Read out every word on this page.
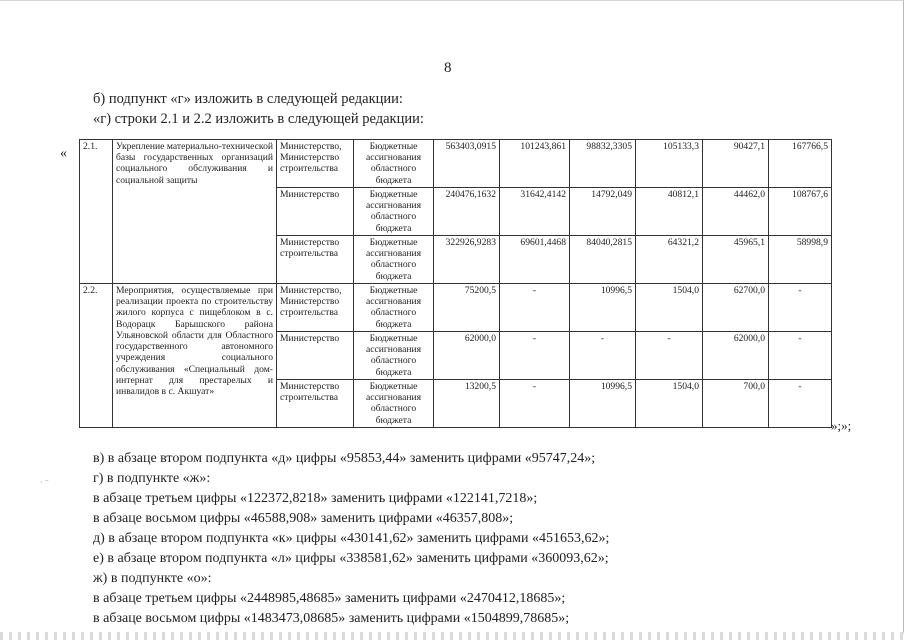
· ⁻
8
б) подпункт «г» изложить в следующей редакции:
«г) строки 2.1 и 2.2 изложить в следующей редакции:
« 2.1.	Укрепление материально-технической базы государственных организаций социального обслуживания и социальной защиты	Министерство, Министерство строительства	Бюджетные ассигнования областного бюджета	563403,0915	101243,861	98832,3305	105133,3	90427,1	167766,5
		Министерство	Бюджетные ассигнования областного бюджета	240476,1632	31642,4142	14792,049	40812,1	44462,0	108767,6
		Министерство строительства	Бюджетные ассигнования областного бюджета	322926,9283	69601,4468	84040,2815	64321,2	45965,1	58998,9
2.2.	Мероприятия, осуществляемые при реализации проекта по строительству жилого корпуса с пищеблоком в с. Водорацк Барышского района Ульяновской области для Областного государственного автономного учреждения социального обслуживания «Специальный дом-интернат для престарелых и инвалидов в с. Акшуат»	Министерство, Министерство строительства	Бюджетные ассигнования областного бюджета	75200,5	-	10996,5	1504,0	62700,0	-
		Министерство	Бюджетные ассигнования областного бюджета	62000,0	-	-	-	62000,0	-
		Министерство строительства	Бюджетные ассигнования областного бюджета	13200,5	-	10996,5	1504,0	700,0	-
»;»;
в) в абзаце втором подпункта «д» цифры «95853,44» заменить цифрами «95747,24»;
г) в подпункте «ж»:
в абзаце третьем цифры «122372,8218» заменить цифрами «122141,7218»;
в абзаце восьмом цифры «46588,908» заменить цифрами «46357,808»;
д) в абзаце втором подпункта «к» цифры «430141,62» заменить цифрами «451653,62»;
е) в абзаце втором подпункта «л» цифры «338581,62» заменить цифрами «360093,62»;
ж) в подпункте «о»:
в абзаце третьем цифры «2448985,48685» заменить цифрами «2470412,18685»;
в абзаце восьмом цифры «1483473,08685» заменить цифрами «1504899,78685»;
